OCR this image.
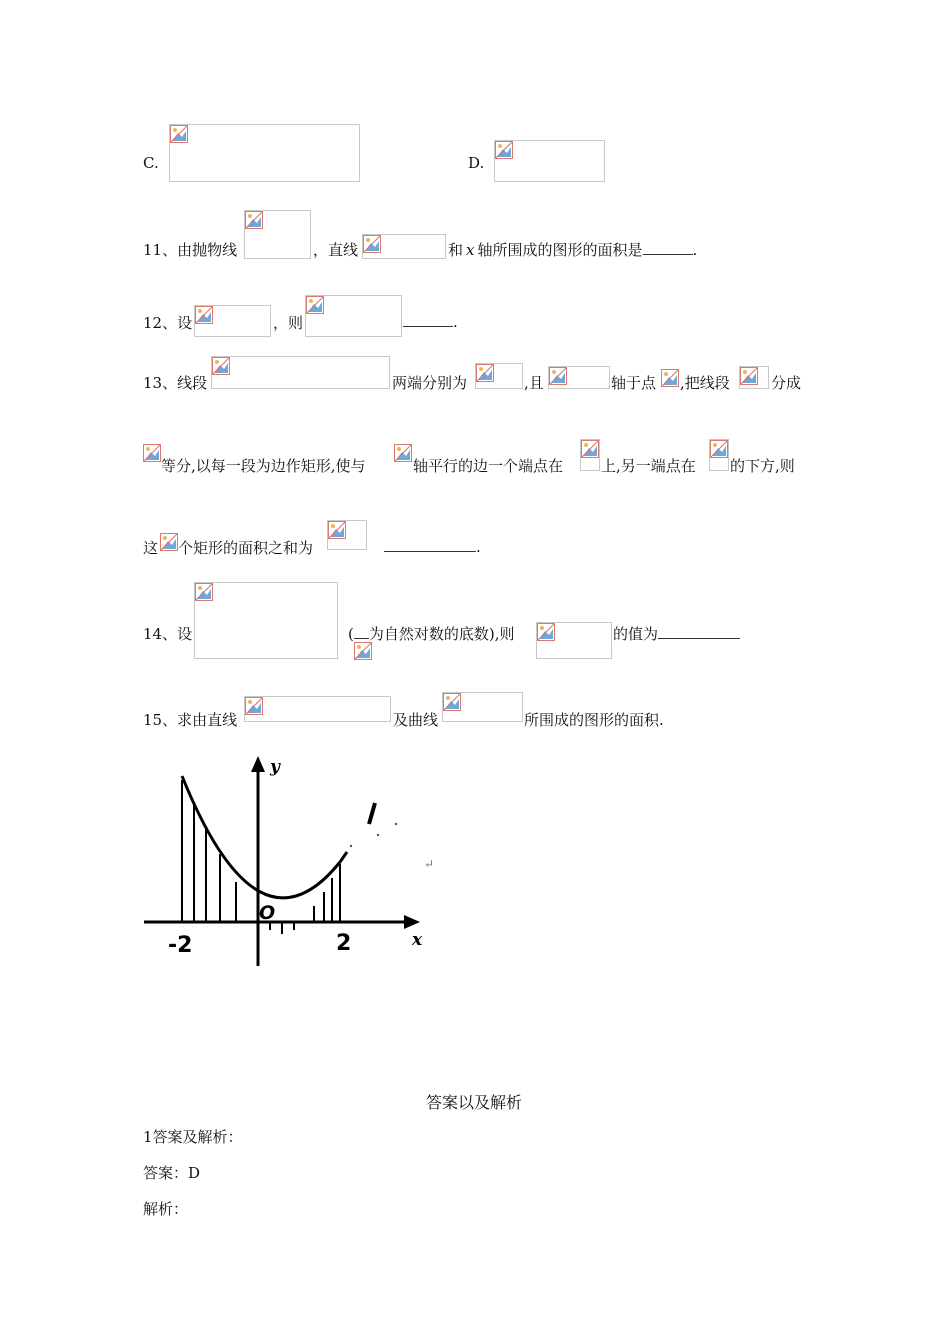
C.	D.
11、由抛物线	，直线	和 x 轴所围成的图形的面积是	.
12、设	，则	.
13、线段	两端分别为	,且	轴于点 ,把线段	分成
等分,以每一段为边作矩形,使与	轴平行的边一个端点在	上,另一端点在 的下方,则
这 个矩形的面积之和为	.
14、设	( 为自然对数的底数),则	的值为
15、求由直线	及曲线	所围成的图形的面积.
y
x
O
-2	2
↵
答案以及解析
1答案及解析：
答案：D
解析：
